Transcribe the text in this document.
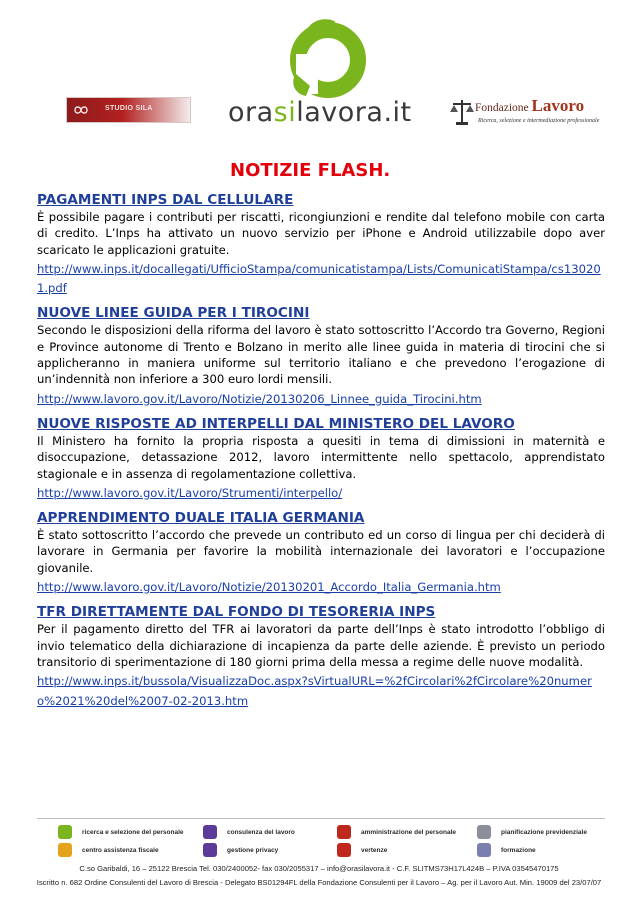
STUDIO SILA	orasilavora.it	Fondazione Lavoro
Ricerca, selezione e intermediazione professionale
NOTIZIE FLASH.
PAGAMENTI INPS DAL CELLULARE
È possibile pagare i contributi per riscatti, ricongiunzioni e rendite dal telefono mobile con carta di credito. L’Inps ha attivato un nuovo servizio per iPhone e Android utilizzabile dopo aver scaricato le applicazioni gratuite.
http://www.inps.it/docallegati/UfficioStampa/comunicatistampa/Lists/ComunicatiStampa/cs130201.pdf
NUOVE LINEE GUIDA PER I TIROCINI
Secondo le disposizioni della riforma del lavoro è stato sottoscritto l’Accordo tra Governo, Regioni e Province autonome di Trento e Bolzano in merito alle linee guida in materia di tirocini che si applicheranno in maniera uniforme sul territorio italiano e che prevedono l’erogazione di un’indennità non inferiore a 300 euro lordi mensili.
http://www.lavoro.gov.it/Lavoro/Notizie/20130206_Linnee_guida_Tirocini.htm
NUOVE RISPOSTE AD INTERPELLI DAL MINISTERO DEL LAVORO
Il Ministero ha fornito la propria risposta a quesiti in tema di dimissioni in maternità e disoccupazione, detassazione 2012, lavoro intermittente nello spettacolo, apprendistato stagionale e in assenza di regolamentazione collettiva.
http://www.lavoro.gov.it/Lavoro/Strumenti/interpello/
APPRENDIMENTO DUALE ITALIA GERMANIA
È stato sottoscritto l’accordo che prevede un contributo ed un corso di lingua per chi deciderà di lavorare in Germania per favorire la mobilità internazionale dei lavoratori e l’occupazione giovanile.
http://www.lavoro.gov.it/Lavoro/Notizie/20130201_Accordo_Italia_Germania.htm
TFR DIRETTAMENTE DAL FONDO DI TESORERIA INPS
Per il pagamento diretto del TFR ai lavoratori da parte dell’Inps è stato introdotto l’obbligo di invio telematico della dichiarazione di incapienza da parte delle aziende. È previsto un periodo transitorio di sperimentazione di 180 giorni prima della messa a regime delle nuove modalità.
http://www.inps.it/bussola/VisualizzaDoc.aspx?sVirtualURL=%2fCircolari%2fCircolare%20numero%2021%20del%2007-02-2013.htm
ricerca e selezione del personale	consulenza del lavoro	amministrazione del personale	pianificazione previdenziale
centro assistenza fiscale	gestione privacy	vertenze	formazione
C.so Garibaldi, 16 – 25122 Brescia Tel. 030/2400052- fax 030/2055317 – info@orasilavora.it - C.F. SLITMS73H17L424B – P.IVA 03545470175
Iscritto n. 682 Ordine Consulenti del Lavoro di Brescia - Delegato BS01294FL della Fondazione Consulenti per il Lavoro – Ag. per il Lavoro Aut. Min. 19009 del 23/07/07
